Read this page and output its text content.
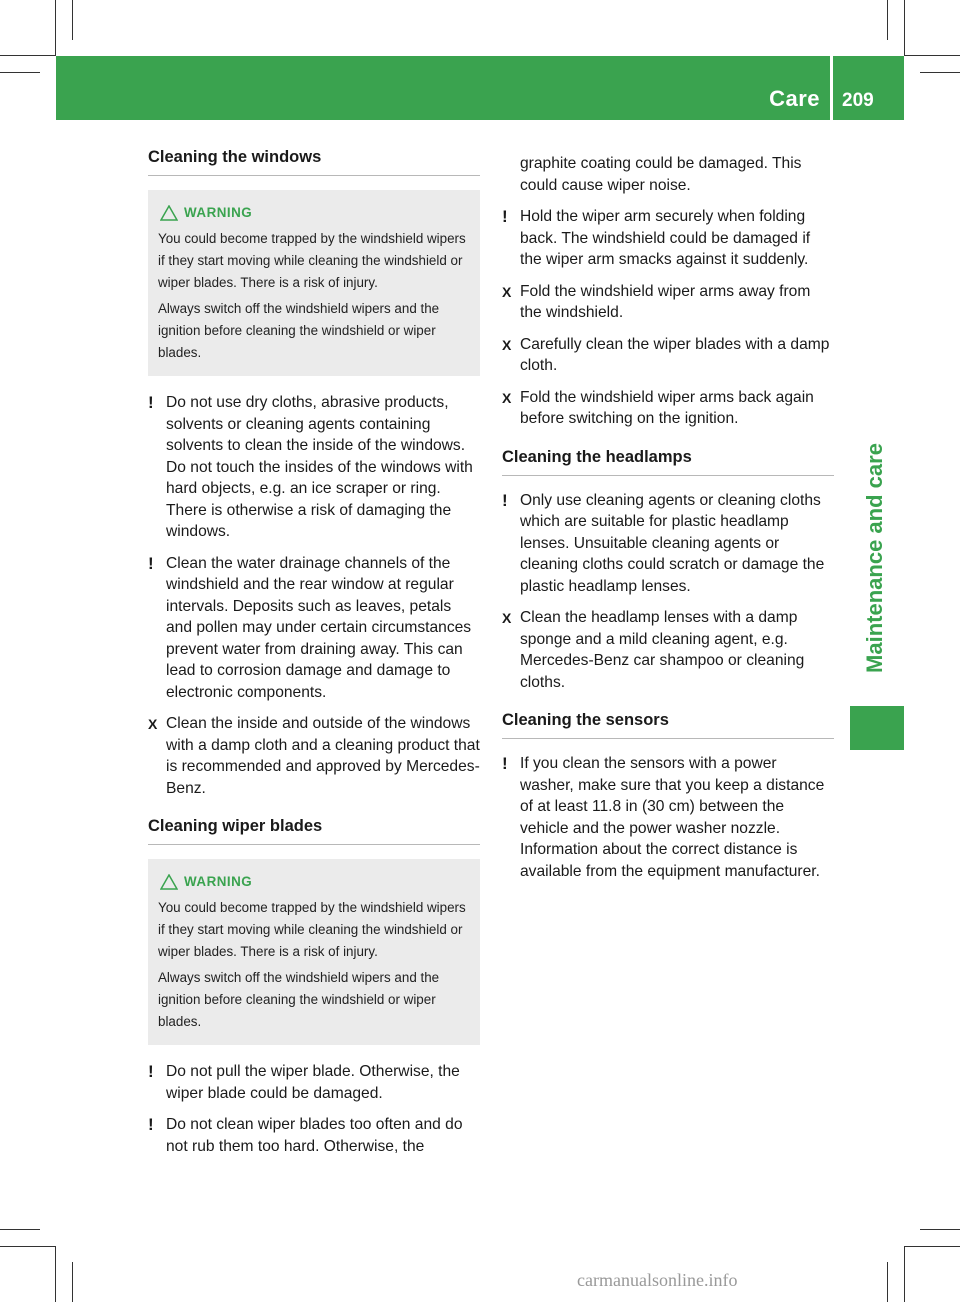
Care 209
Maintenance and care
Cleaning the windows
WARNING

You could become trapped by the windshield wipers if they start moving while cleaning the windshield or wiper blades. There is a risk of injury.

Always switch off the windshield wipers and the ignition before cleaning the windshield or wiper blades.

! Do not use dry cloths, abrasive products, solvents or cleaning agents containing solvents to clean the inside of the windows. Do not touch the insides of the windows with hard objects, e.g. an ice scraper or ring. There is otherwise a risk of damaging the windows.
! Clean the water drainage channels of the windshield and the rear window at regular intervals. Deposits such as leaves, petals and pollen may under certain circumstances prevent water from draining away. This can lead to corrosion damage and damage to electronic components.
X Clean the inside and outside of the windows with a damp cloth and a cleaning product that is recommended and approved by Mercedes-Benz.
Cleaning wiper blades
WARNING

You could become trapped by the windshield wipers if they start moving while cleaning the windshield or wiper blades. There is a risk of injury.

Always switch off the windshield wipers and the ignition before cleaning the windshield or wiper blades.

! Do not pull the wiper blade. Otherwise, the wiper blade could be damaged.
! Do not clean wiper blades too often and do not rub them too hard. Otherwise, the
graphite coating could be damaged. This could cause wiper noise.
! Hold the wiper arm securely when folding back. The windshield could be damaged if the wiper arm smacks against it suddenly.
X Fold the windshield wiper arms away from the windshield.
X Carefully clean the wiper blades with a damp cloth.
X Fold the windshield wiper arms back again before switching on the ignition.
Cleaning the headlamps
! Only use cleaning agents or cleaning cloths which are suitable for plastic headlamp lenses. Unsuitable cleaning agents or cleaning cloths could scratch or damage the plastic headlamp lenses.
X Clean the headlamp lenses with a damp sponge and a mild cleaning agent, e.g. Mercedes-Benz car shampoo or cleaning cloths.
Cleaning the sensors
! If you clean the sensors with a power washer, make sure that you keep a distance of at least 11.8 in (30 cm) between the vehicle and the power washer nozzle. Information about the correct distance is available from the equipment manufacturer.
carmanualsonline.info
